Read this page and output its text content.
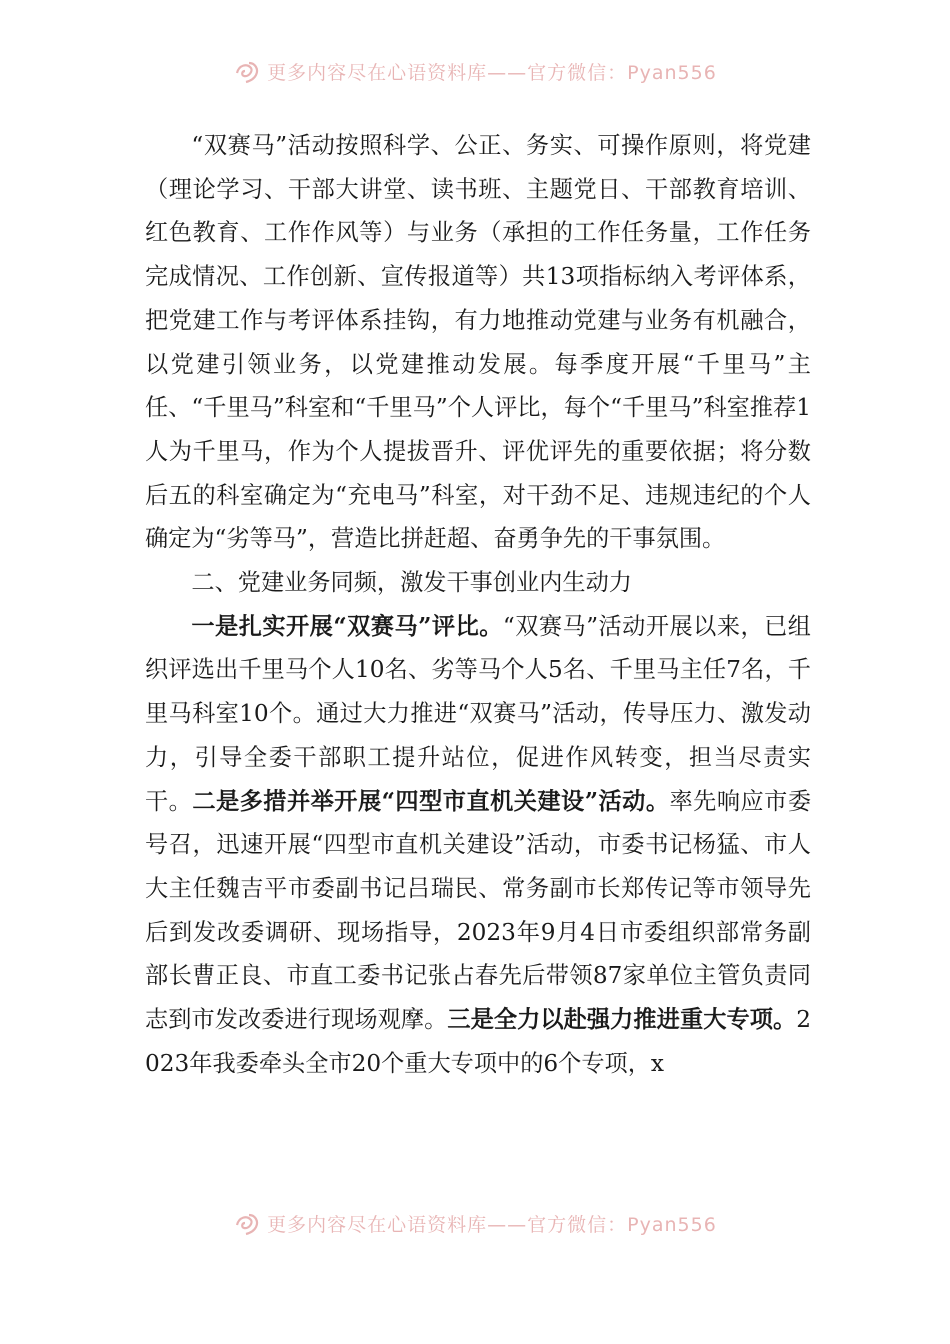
更多内容尽在心语资料库——官方微信：Pyan556

“双赛马”活动按照科学、公正、务实、可操作原则，将党建（理论学习、干部大讲堂、读书班、主题党日、干部教育培训、红色教育、工作作风等）与业务（承担的工作任务量，工作任务完成情况、工作创新、宣传报道等）共13项指标纳入考评体系，把党建工作与考评体系挂钩，有力地推动党建与业务有机融合，以党建引领业务，以党建推动发展。每季度开展“千里马”主任、“千里马”科室和“千里马”个人评比，每个“千里马”科室推荐1人为千里马，作为个人提拔晋升、评优评先的重要依据；将分数后五的科室确定为“充电马”科室，对干劲不足、违规违纪的个人确定为“劣等马”，营造比拼赶超、奋勇争先的干事氛围。

二、党建业务同频，激发干事创业内生动力

一是扎实开展“双赛马”评比。“双赛马”活动开展以来，已组织评选出千里马个人10名、劣等马个人5名、千里马主任7名，千里马科室10个。通过大力推进“双赛马”活动，传导压力、激发动力，引导全委干部职工提升站位，促进作风转变，担当尽责实干。二是多措并举开展“四型市直机关建设”活动。率先响应市委号召，迅速开展“四型市直机关建设”活动，市委书记杨猛、市人大主任魏吉平市委副书记吕瑞民、常务副市长郑传记等市领导先后到发改委调研、现场指导，2023年9月4日市委组织部常务副部长曹正良、市直工委书记张占春先后带领87家单位主管负责同志到市发改委进行现场观摩。三是全力以赴强力推进重大专项。2023年我委牵头全市20个重大专项中的6个专项，x

更多内容尽在心语资料库——官方微信：Pyan556
